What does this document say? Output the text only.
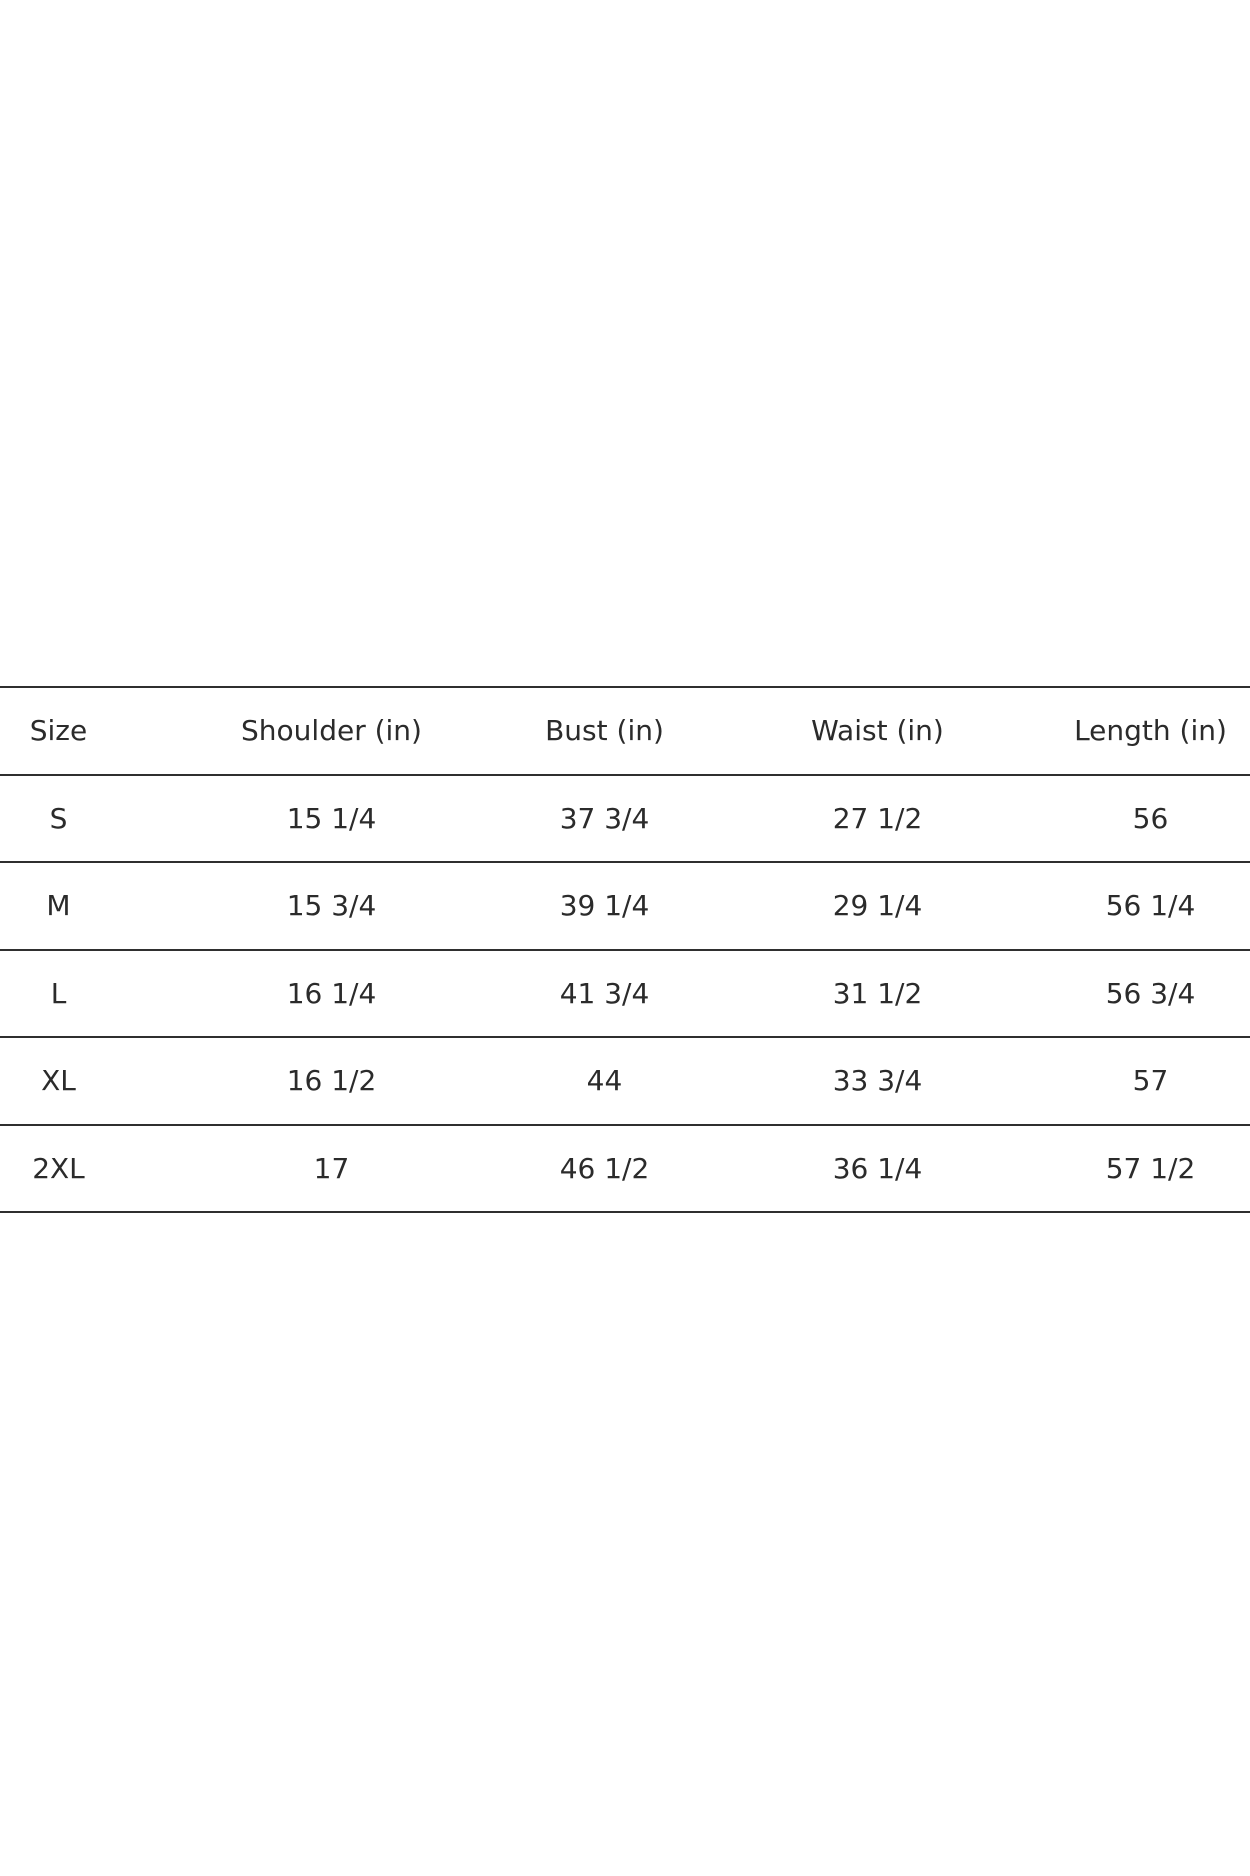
Size	Shoulder (in)	Bust (in)	Waist (in)	Length (in)
S	15 1/4	37 3/4	27 1/2	56
M	15 3/4	39 1/4	29 1/4	56 1/4
L	16 1/4	41 3/4	31 1/2	56 3/4
XL	16 1/2	44	33 3/4	57
2XL	17	46 1/2	36 1/4	57 1/2
